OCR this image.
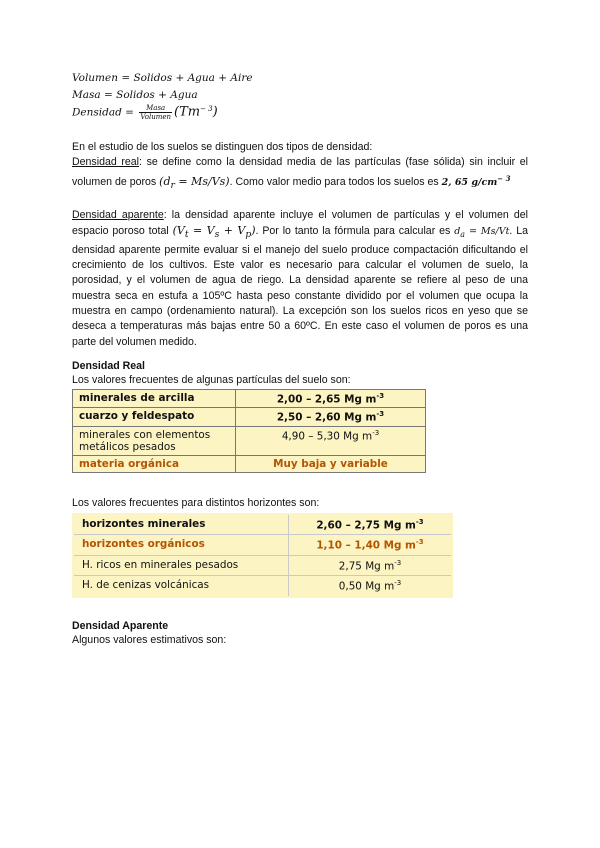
Volumen = Solidos + Agua + Aire
Masa = Solidos + Agua
Densidad = $\frac{\text{Masa}}{\text{Volumen}} (Tm^{- 3})$
En el estudio de los suelos se distinguen dos tipos de densidad:
Densidad real: se define como la densidad media de las partículas (fase sólida) sin incluir el volumen de poros $(d_r = Ms/Vs)$. Como valor medio para todos los suelos es 2, 65 $g/cm^{- 3}$
Densidad aparente: la densidad aparente incluye el volumen de partículas y el volumen del espacio poroso total $(V_t = V_s + V_p)$. Por lo tanto la fórmula para calcular es $d_a = Ms/Vt$. La densidad aparente permite evaluar si el manejo del suelo produce compactación dificultando el crecimiento de los cultivos. Este valor es necesario para calcular el volumen de suelo, la porosidad, y el volumen de agua de riego. La densidad aparente se refiere al peso de una muestra seca en estufa a 105ºC hasta peso constante dividido por el volumen que ocupa la muestra en campo (ordenamiento natural). La excepción son los suelos ricos en yeso que se deseca a temperaturas más bajas entre 50 a 60ºC. En este caso el volumen de poros es una parte del volumen medido.
Densidad Real
Los valores frecuentes de algunas partículas del suelo son:
minerales de arcilla	2,00 – 2,65 Mg $m^{-3}$
cuarzo y feldespato	2,50 – 2,60 Mg $m^{-3}$
minerales con elementos metálicos pesados	4,90 – 5,30 Mg $m^{-3}$
materia orgánica	Muy baja y variable
Los valores frecuentes para distintos horizontes son:
horizontes minerales	2,60 – 2,75 Mg $m^{-3}$
horizontes orgánicos	1,10 – 1,40 Mg $m^{-3}$
H. ricos en minerales pesados	2,75 Mg $m^{-3}$
H. de cenizas volcánicas	0,50 Mg $m^{-3}$
Densidad Aparente
Algunos valores estimativos son:
